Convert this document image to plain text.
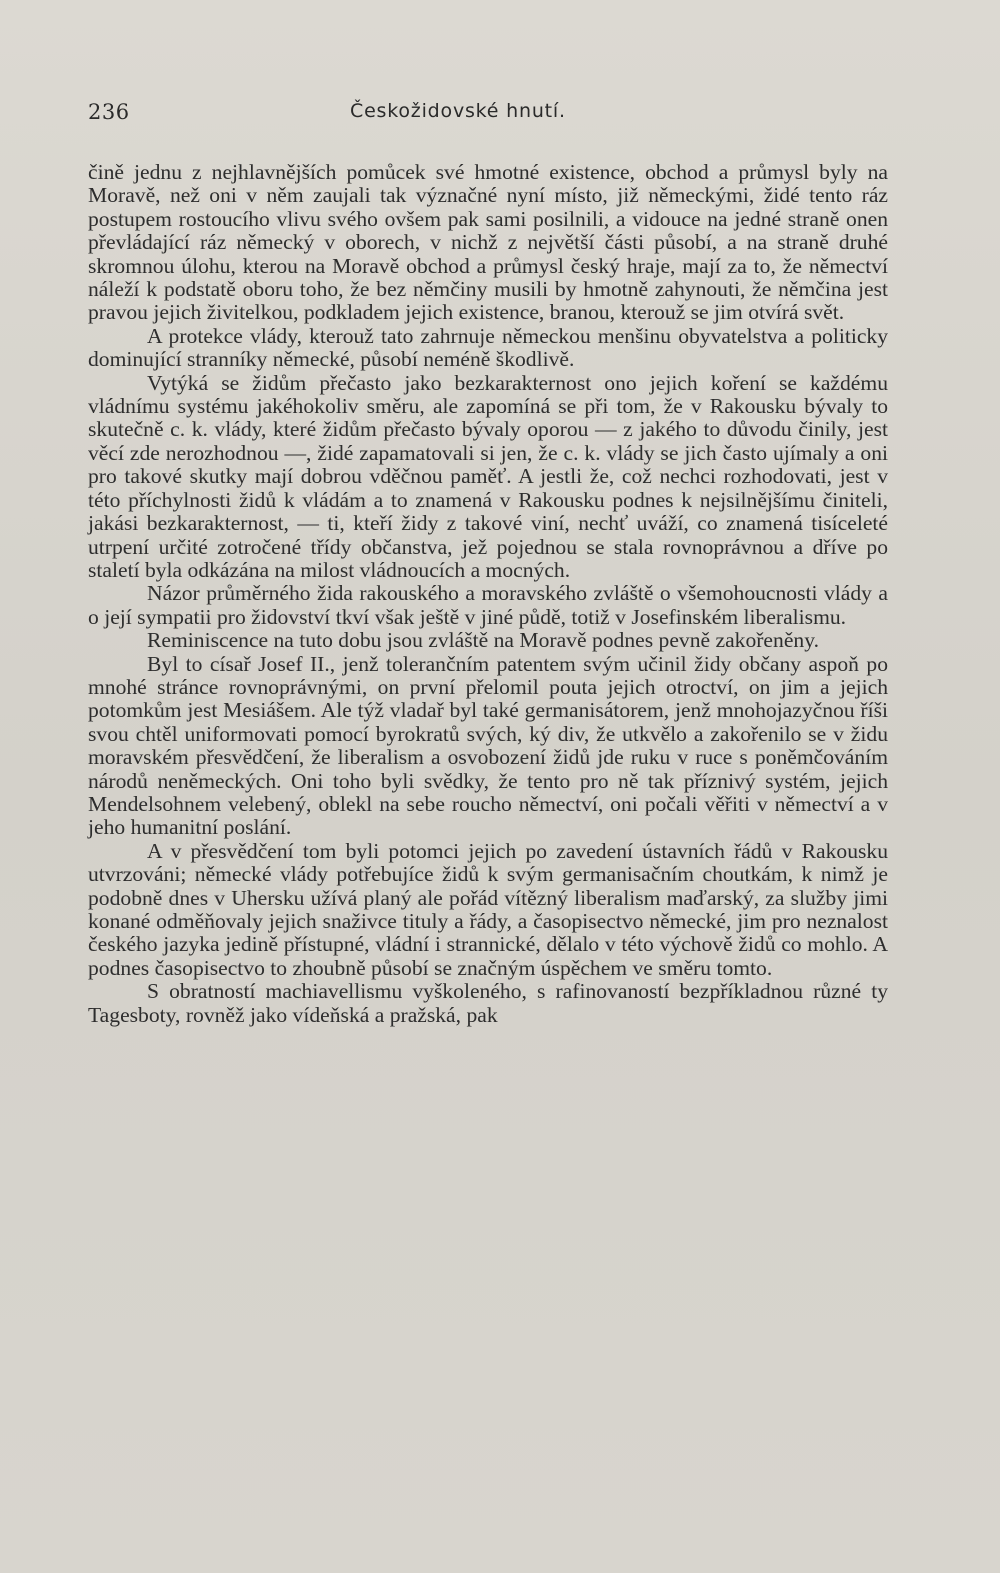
236	Českožidovské hnutí.

čině jednu z nejhlavnějších pomůcek své hmotné existence, obchod a průmysl byly na Moravě, než oni v něm zaujali tak význačné nyní místo, již německými, židé tento ráz postupem rostoucího vlivu svého ovšem pak sami posilnili, a vidouce na jedné straně onen převládající ráz německý v oborech, v nichž z největší části působí, a na straně druhé skromnou úlohu, kterou na Moravě obchod a průmysl český hraje, mají za to, že němectví náleží k podstatě oboru toho, že bez němčiny musili by hmotně zahynouti, že němčina jest pravou jejich živitelkou, podkladem jejich existence, branou, kterouž se jim otvírá svět.

A protekce vlády, kterouž tato zahrnuje německou menšinu obyvatelstva a politicky dominující stranníky německé, působí neméně škodlivě.

Vytýká se židům přečasto jako bezkarakternost ono jejich koření se každému vládnímu systému jakéhokoliv směru, ale zapomíná se při tom, že v Rakousku bývaly to skutečně c. k. vlády, které židům přečasto bývaly oporou — z jakého to důvodu činily, jest věcí zde nerozhodnou —, židé zapamatovali si jen, že c. k. vlády se jich často ujímaly a oni pro takové skutky mají dobrou vděčnou paměť. A jestli že, což nechci rozhodovati, jest v této příchylnosti židů k vládám a to znamená v Rakousku podnes k nejsilnějšímu činiteli, jakási bezkarakternost, — ti, kteří židy z takové viní, nechť uváží, co znamená tisíceleté utrpení určité zotročené třídy občanstva, jež pojednou se stala rovnoprávnou a dříve po staletí byla odkázána na milost vládnoucích a mocných.

Názor průměrného žida rakouského a moravského zvláště o všemohoucnosti vlády a o její sympatii pro židovství tkví však ještě v jiné půdě, totiž v Josefinském liberalismu.

Reminiscence na tuto dobu jsou zvláště na Moravě podnes pevně zakořeněny.

Byl to císař Josef II., jenž tolerančním patentem svým učinil židy občany aspoň po mnohé stránce rovnoprávnými, on první přelomil pouta jejich otroctví, on jim a jejich potomkům jest Mesiášem. Ale týž vladař byl také germanisátorem, jenž mnohojazyčnou říši svou chtěl uniformovati pomocí byrokratů svých, ký div, že utkvělo a zakořenilo se v židu moravském přesvědčení, že liberalism a osvobození židů jde ruku v ruce s poněmčováním národů neněmeckých. Oni toho byli svědky, že tento pro ně tak příznivý systém, jejich Mendelsohnem velebený, oblekl na sebe roucho němectví, oni počali věřiti v němectví a v jeho humanitní poslání.

A v přesvědčení tom byli potomci jejich po zavedení ústavních řádů v Rakousku utvrzováni; německé vlády potřebujíce židů k svým germanisačním choutkám, k nimž je podobně dnes v Uhersku užívá planý ale pořád vítězný liberalism maďarský, za služby jimi konané odměňovaly jejich snaživce tituly a řády, a časopisectvo německé, jim pro neznalost českého jazyka jedině přístupné, vládní i strannické, dělalo v této výchově židů co mohlo. A podnes časopisectvo to zhoubně působí se značným úspěchem ve směru tomto.

S obratností machiavellismu vyškoleného, s rafinovaností bezpříkladnou různé ty Tagesboty, rovněž jako vídeňská a pražská, pak
